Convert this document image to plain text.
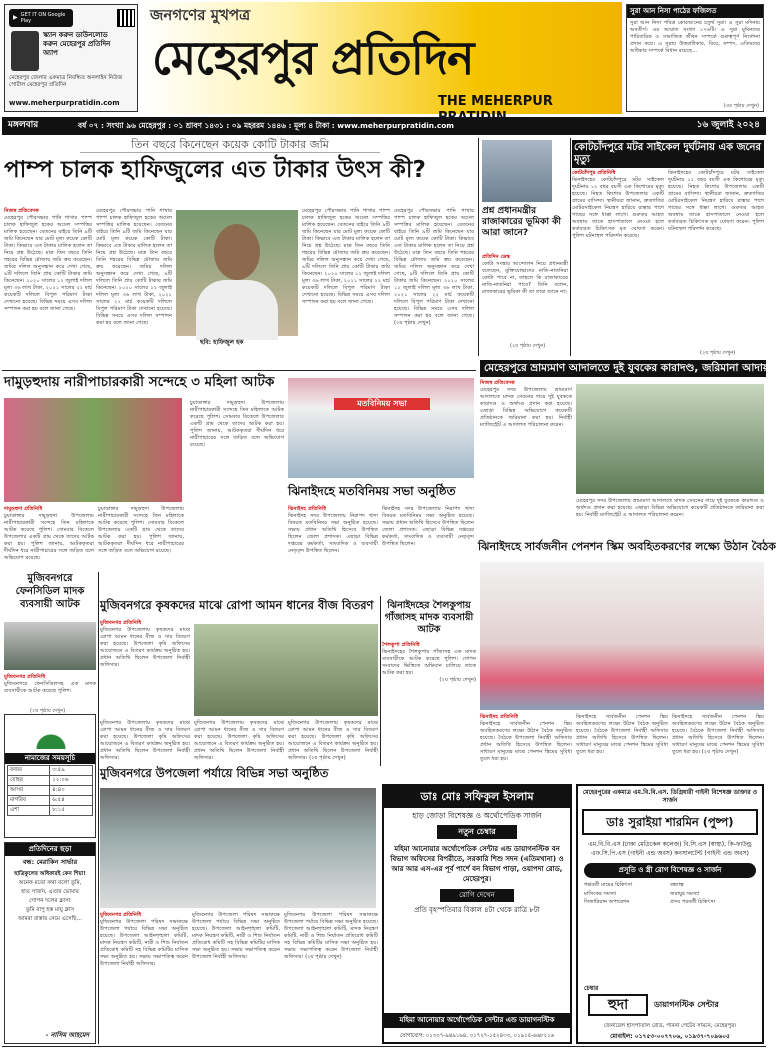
▶ GET IT ON Google Play
স্ক্যান করুন ডাউনলোড করুন মেহেরপুর প্রতিদিন অ্যাপ
মেহেরপুর জেলার একমাত্র নিবন্ধিত অনলাইন নিউজ পোর্টাল মেহেরপুর প্রতিদিন
www.meherpurpratidin.com
জনগণের মুখপত্র
মেহেরপুর প্রতিদিন
THE MEHERPUR
সুরা আন নিসা পাঠের ফজিলত
সুরা আন নিসা পবিত্র কোরআনের চতুর্থ সুরা। এ সুরা মদিনায় অবতীর্ণ। এর আয়াত সংখ্যা ১৭৬টি। এ সুরা মুমিনদের পারিবারিক ও সামাজিক জীবন সম্পর্কে গুরুত্বপূর্ণ নির্দেশনা প্রদান করে। এ সুরায় উত্তরাধিকার, বিয়ে, সম্পদ, এতিমদের অধিকার সম্পর্কে বিধান রয়েছে...
(এর পৃষ্ঠায় দেখুন)
মঙ্গলবার	বর্ষ ০৭ : সংখ্যা ৯৬ মেহেরপুর : ০১ শ্রাবণ ১৪৩১ : ০৯ মহররম ১৪৪৬ : মূল্য ৪ টাকা : www.meherpurpratidin.com	১৬ জুলাই ২০২৪
তিন বছরে কিনেছেন কয়েক কোটি টাকার জমি
পাম্প চালক হাফিজুলের এত টাকার উৎস কী?
নিজস্ব প্রতিবেদক
মেহেরপুর পৌরসভার পানি শাখার পাম্প চালক হাফিজুল হকের অঢেল সম্পত্তির মালিক হয়েছেন। বেতনের বাইরে তিনি ৯টি জমি কিনেছেন যার মোট মূল্য কয়েক কোটি টাকা। কিভাবে এত টাকার মালিক হলেন তা নিয়ে প্রশ্ন উঠেছে। মাত্র তিন বছরে তিনি শহরের বিভিন্ন মৌজায় জমি ক্রয় করেছেন। জমির দলিল অনুসন্ধান করে দেখা গেছে, ৯টি দলিলে তিনি প্রায় কোটি টাকার জমি কিনেছেন। ২০২০ সালের ১২ জুলাই দলিল মূল্য ৩৬ লাখ টাকা, ২০২১ সালের ২২ মার্চ কয়েকটি দলিলে বিপুল পরিমাণ টাকা দেখানো হয়েছে। বিভিন্ন সময়ে এসব দলিল সম্পাদন করা হয় বলে জানা গেছে।
মেহেরপুর পৌরসভার পানি শাখার পাম্প চালক হাফিজুল হকের অঢেল সম্পত্তির মালিক হয়েছেন। বেতনের বাইরে তিনি ৯টি জমি কিনেছেন যার মোট মূল্য কয়েক কোটি টাকা। কিভাবে এত টাকার মালিক হলেন তা নিয়ে প্রশ্ন উঠেছে। মাত্র তিন বছরে তিনি শহরের বিভিন্ন মৌজায় জমি ক্রয় করেছেন। জমির দলিল অনুসন্ধান করে দেখা গেছে, ৯টি দলিলে তিনি প্রায় কোটি টাকার জমি কিনেছেন। ২০২০ সালের ১২ জুলাই দলিল মূল্য ৩৬ লাখ টাকা, ২০২১ সালের ২২ মার্চ কয়েকটি দলিলে বিপুল পরিমাণ টাকা দেখানো হয়েছে। বিভিন্ন সময়ে এসব দলিল সম্পাদন করা হয় বলে জানা গেছে।
ছবি: হাফিজুল হক
মেহেরপুর পৌরসভার পানি শাখার পাম্প চালক হাফিজুল হকের অঢেল সম্পত্তির মালিক হয়েছেন। বেতনের বাইরে তিনি ৯টি জমি কিনেছেন যার মোট মূল্য কয়েক কোটি টাকা। কিভাবে এত টাকার মালিক হলেন তা নিয়ে প্রশ্ন উঠেছে। মাত্র তিন বছরে তিনি শহরের বিভিন্ন মৌজায় জমি ক্রয় করেছেন। জমির দলিল অনুসন্ধান করে দেখা গেছে, ৯টি দলিলে তিনি প্রায় কোটি টাকার জমি কিনেছেন। ২০২০ সালের ১২ জুলাই দলিল মূল্য ৩৬ লাখ টাকা, ২০২১ সালের ২২ মার্চ কয়েকটি দলিলে বিপুল পরিমাণ টাকা দেখানো হয়েছে। বিভিন্ন সময়ে এসব দলিল সম্পাদন করা হয় বলে জানা গেছে।
মেহেরপুর পৌরসভার পানি শাখার পাম্প চালক হাফিজুল হকের অঢেল সম্পত্তির মালিক হয়েছেন। বেতনের বাইরে তিনি ৯টি জমি কিনেছেন যার মোট মূল্য কয়েক কোটি টাকা। কিভাবে এত টাকার মালিক হলেন তা নিয়ে প্রশ্ন উঠেছে। মাত্র তিন বছরে তিনি শহরের বিভিন্ন মৌজায় জমি ক্রয় করেছেন। জমির দলিল অনুসন্ধান করে দেখা গেছে, ৯টি দলিলে তিনি প্রায় কোটি টাকার জমি কিনেছেন। ২০২০ সালের ১২ জুলাই দলিল মূল্য ৩৬ লাখ টাকা, ২০২১ সালের ২২ মার্চ কয়েকটি দলিলে বিপুল পরিমাণ টাকা দেখানো হয়েছে। বিভিন্ন সময়ে এসব দলিল সম্পাদন করা হয় বলে জানা গেছে। (২য় পৃষ্ঠায় দেখুন)
প্রশ্ন প্রধানমন্ত্রীর রাজাকারের ভূমিকা কী আরা জানে?
প্রতিদিন ডেস্ক
কোটা সংস্কার আন্দোলন নিয়ে প্রধানমন্ত্রী বলেছেন, মুক্তিযোদ্ধাদের নাতি-নাতনিরা কোটা পাবে না, তাহলে কি রাজাকারের নাতি-নাতনিরা পাবে? তিনি বলেন, রাজাকারের ভূমিকা কী তা তারা জানে না।
(২য় পৃষ্ঠায় দেখুন)
কোটচাঁদপুরে মটর সাইকেল দুর্ঘটনায় এক জনের মৃত্যু
কোটচাঁদপুর প্রতিনিধি
ঝিনাইদহের কোটচাঁদপুরে মটর সাইকেল দুর্ঘটনায় ১২ বছর বয়সী এক কিশোরের মৃত্যু হয়েছে। নিহত কিশোর উপজেলার একটি গ্রামের বাসিন্দা। স্থানীয়রা জানান, দ্রুতগতির মোটরসাইকেল নিয়ন্ত্রণ হারিয়ে রাস্তার পাশে গাছের সঙ্গে ধাক্কা লাগে। গুরুতর আহত অবস্থায় তাকে হাসপাতালে নেওয়া হলে কর্তব্যরত চিকিৎসক মৃত ঘোষণা করেন। পুলিশ ঘটনাস্থল পরিদর্শন করেছে।
ঝিনাইদহের কোটচাঁদপুরে মটর সাইকেল দুর্ঘটনায় ১২ বছর বয়সী এক কিশোরের মৃত্যু হয়েছে। নিহত কিশোর উপজেলার একটি গ্রামের বাসিন্দা। স্থানীয়রা জানান, দ্রুতগতির মোটরসাইকেল নিয়ন্ত্রণ হারিয়ে রাস্তার পাশে গাছের সঙ্গে ধাক্কা লাগে। গুরুতর আহত অবস্থায় তাকে হাসপাতালে নেওয়া হলে কর্তব্যরত চিকিৎসক মৃত ঘোষণা করেন। পুলিশ ঘটনাস্থল পরিদর্শন করেছে।
(২য় পৃষ্ঠায় দেখুন)
মেহেরপুরে ভ্রাম্যমাণ আদালতে দুই যুবকের কারাদণ্ড, জরিমানা আদায়
নিজস্ব প্রতিবেদক
মেহেরপুর সদর উপজেলায় ভ্রাম্যমাণ আদালতে মাদক সেবনের দায়ে দুই যুবককে কারাদণ্ড ও অর্থদণ্ড প্রদান করা হয়েছে। এছাড়া বিভিন্ন অভিযোগে কয়েকটি প্রতিষ্ঠানকে জরিমানা করা হয়। নির্বাহী ম্যাজিস্ট্রেট এ আদালত পরিচালনা করেন।
মেহেরপুর সদর উপজেলায় ভ্রাম্যমাণ আদালতে মাদক সেবনের দায়ে দুই যুবককে কারাদণ্ড ও অর্থদণ্ড প্রদান করা হয়েছে। এছাড়া বিভিন্ন অভিযোগে কয়েকটি প্রতিষ্ঠানকে জরিমানা করা হয়। নির্বাহী ম্যাজিস্ট্রেট এ আদালত পরিচালনা করেন।
দামুড়হুদায় নারীপাচারকারী সন্দেহে ৩ মহিলা আটক
দামুড়হুদা প্রতিনিধি
চুয়াডাঙ্গার দামুড়হুদা উপজেলায় নারীপাচারকারী সন্দেহে তিন মহিলাকে আটক করেছে পুলিশ। সোমবার বিকেলে উপজেলার একটি গ্রাম থেকে তাদের আটক করা হয়। পুলিশ জানায়, আটককৃতরা দীর্ঘদিন ধরে নারীপাচারের সঙ্গে জড়িত বলে অভিযোগ রয়েছে।
চুয়াডাঙ্গার দামুড়হুদা উপজেলায় নারীপাচারকারী সন্দেহে তিন মহিলাকে আটক করেছে পুলিশ। সোমবার বিকেলে উপজেলার একটি গ্রাম থেকে তাদের আটক করা হয়। পুলিশ জানায়, আটককৃতরা দীর্ঘদিন ধরে নারীপাচারের সঙ্গে জড়িত বলে অভিযোগ রয়েছে।
চুয়াডাঙ্গার দামুড়হুদা উপজেলায় নারীপাচারকারী সন্দেহে তিন মহিলাকে আটক করেছে পুলিশ। সোমবার বিকেলে উপজেলার একটি গ্রাম থেকে তাদের আটক করা হয়। পুলিশ জানায়, আটককৃতরা দীর্ঘদিন ধরে নারীপাচারের সঙ্গে জড়িত বলে অভিযোগ রয়েছে।
মতবিনিময় সভা
ঝিনাইদহে মতবিনিময় সভা অনুষ্ঠিত
ঝিনাইদহ প্রতিনিধি
ঝিনাইদহ সদর উপজেলায় নিরাপদ খাদ্য বিষয়ক মতবিনিময় সভা অনুষ্ঠিত হয়েছে। সভায় প্রধান অতিথি হিসেবে উপস্থিত ছিলেন জেলা প্রশাসক। এছাড়া বিভিন্ন দপ্তরের কর্মকর্তা, সাংবাদিক ও ব্যবসায়ী নেতৃবৃন্দ উপস্থিত ছিলেন।
ঝিনাইদহ সদর উপজেলায় নিরাপদ খাদ্য বিষয়ক মতবিনিময় সভা অনুষ্ঠিত হয়েছে। সভায় প্রধান অতিথি হিসেবে উপস্থিত ছিলেন জেলা প্রশাসক। এছাড়া বিভিন্ন দপ্তরের কর্মকর্তা, সাংবাদিক ও ব্যবসায়ী নেতৃবৃন্দ উপস্থিত ছিলেন।	ঝিনাইদহে সার্বজনীন পেনশন স্কিম অবহিতকরণের লক্ষ্যে উঠান বৈঠক
ঝিনাইদহ প্রতিনিধি
ঝিনাইদহে সার্বজনীন পেনশন স্কিম অবহিতকরণের লক্ষ্যে উঠান বৈঠক অনুষ্ঠিত হয়েছে। বৈঠকে উপজেলা নির্বাহী অফিসার প্রধান অতিথি হিসেবে উপস্থিত ছিলেন। সাধারণ মানুষের মাঝে পেনশন স্কিমের সুবিধা তুলে ধরা হয়।
ঝিনাইদহে সার্বজনীন পেনশন স্কিম অবহিতকরণের লক্ষ্যে উঠান বৈঠক অনুষ্ঠিত হয়েছে। বৈঠকে উপজেলা নির্বাহী অফিসার প্রধান অতিথি হিসেবে উপস্থিত ছিলেন। সাধারণ মানুষের মাঝে পেনশন স্কিমের সুবিধা তুলে ধরা হয়।
ঝিনাইদহে সার্বজনীন পেনশন স্কিম অবহিতকরণের লক্ষ্যে উঠান বৈঠক অনুষ্ঠিত হয়েছে। বৈঠকে উপজেলা নির্বাহী অফিসার প্রধান অতিথি হিসেবে উপস্থিত ছিলেন। সাধারণ মানুষের মাঝে পেনশন স্কিমের সুবিধা তুলে ধরা হয়। (২য় পৃষ্ঠায় দেখুন)
মুজিবনগরে ফেনসিডিল মাদক ব্যবসায়ী আটক
মুজিবনগর প্রতিনিধি
মুজিবনগরে ফেনসিডিলসহ এক মাদক ব্যবসায়ীকে আটক করেছে পুলিশ।
(২য় পৃষ্ঠায় দেখুন)
মুজিবনগরে কৃষকদের মাঝে রোপা আমন ধানের বীজ বিতরণ
মুজিবনগর প্রতিনিধি
মুজিবনগর উপজেলায় কৃষকদের মাঝে রোপা আমন ধানের বীজ ও সার বিতরণ করা হয়েছে। উপজেলা কৃষি অফিসের আয়োজনে এ বিতরণ কার্যক্রম অনুষ্ঠিত হয়। প্রধান অতিথি ছিলেন উপজেলা নির্বাহী অফিসার।
মুজিবনগর উপজেলায় কৃষকদের মাঝে রোপা আমন ধানের বীজ ও সার বিতরণ করা হয়েছে। উপজেলা কৃষি অফিসের আয়োজনে এ বিতরণ কার্যক্রম অনুষ্ঠিত হয়। প্রধান অতিথি ছিলেন উপজেলা নির্বাহী অফিসার।
মুজিবনগর উপজেলায় কৃষকদের মাঝে রোপা আমন ধানের বীজ ও সার বিতরণ করা হয়েছে। উপজেলা কৃষি অফিসের আয়োজনে এ বিতরণ কার্যক্রম অনুষ্ঠিত হয়। প্রধান অতিথি ছিলেন উপজেলা নির্বাহী অফিসার।
মুজিবনগর উপজেলায় কৃষকদের মাঝে রোপা আমন ধানের বীজ ও সার বিতরণ করা হয়েছে। উপজেলা কৃষি অফিসের আয়োজনে এ বিতরণ কার্যক্রম অনুষ্ঠিত হয়। প্রধান অতিথি ছিলেন উপজেলা নির্বাহী অফিসার। (২য় পৃষ্ঠায় দেখুন)
ঝিনাইদহের শৈলকুপায় গাঁজাসহ মাদক ব্যবসায়ী আটক
শৈলকুপা প্রতিনিধি
ঝিনাইদহের শৈলকুপায় গাঁজাসহ এক মাদক ব্যবসায়ীকে আটক করেছে পুলিশ। গোপন সংবাদের ভিত্তিতে অভিযান চালিয়ে তাকে আটক করা হয়।
(২য় পৃষ্ঠায় দেখুন)
নামাজের সময়সূচি
ফজর	৩:৫৯
যোহর	১২:০৬
আসর	৪:৪০
মাগরিব	৬:৫৪
এশা	৮:১৫
মুজিবনগরে উপজেলা পর্যায়ে বিভিন্ন সভা অনুষ্ঠিত
মুজিবনগর প্রতিনিধি
মুজিবনগর উপজেলা পরিষদ সভাকক্ষে উপজেলা পর্যায়ে বিভিন্ন সভা অনুষ্ঠিত হয়েছে। উপজেলা আইনশৃঙ্খলা কমিটি, মাদক নিয়ন্ত্রণ কমিটি, নারী ও শিশু নির্যাতন প্রতিরোধ কমিটি সহ বিভিন্ন কমিটির মাসিক সভা অনুষ্ঠিত হয়। সভায় সভাপতিত্ব করেন উপজেলা নির্বাহী অফিসার।
মুজিবনগর উপজেলা পরিষদ সভাকক্ষে উপজেলা পর্যায়ে বিভিন্ন সভা অনুষ্ঠিত হয়েছে। উপজেলা আইনশৃঙ্খলা কমিটি, মাদক নিয়ন্ত্রণ কমিটি, নারী ও শিশু নির্যাতন প্রতিরোধ কমিটি সহ বিভিন্ন কমিটির মাসিক সভা অনুষ্ঠিত হয়। সভায় সভাপতিত্ব করেন উপজেলা নির্বাহী অফিসার।
মুজিবনগর উপজেলা পরিষদ সভাকক্ষে উপজেলা পর্যায়ে বিভিন্ন সভা অনুষ্ঠিত হয়েছে। উপজেলা আইনশৃঙ্খলা কমিটি, মাদক নিয়ন্ত্রণ কমিটি, নারী ও শিশু নির্যাতন প্রতিরোধ কমিটি সহ বিভিন্ন কমিটির মাসিক সভা অনুষ্ঠিত হয়। সভায় সভাপতিত্ব করেন উপজেলা নির্বাহী অফিসার। (২য় পৃষ্ঠায় দেখুন)
প্রতিদিনের ছড়া
বন্ধ: মেরাকিন সার্ভার
ছাত্রিকুলের অধিকারই কেন শিয়া!
অনেক মতো কথা বলো তুমি,
হাত সার্জন, এতার ভোমার
গোপন দলের ক্লাস!
তুমি বাপু হস্ত মায়ু ক্লাস
আমরা রাস্তায় নেমে এসেছি...
- নাসিম আহমেদ
ডাঃ মোঃ সফিকুল ইসলাম
হাড় জোড়া বিশেষজ্ঞ ও অর্থোপেডিক সার্জন
নতুন চেম্বার
মহিমা আনোয়ার অর্থোপেডিক সেন্টার এন্ড ডায়াগনস্টিক বন বিভাগ অফিসের বিপরীতে, সরকারি শিশু সদন (এতিমখানা) ও আর আর এস-এর পূর্ব পার্শে বন বিভাগ পাড়া, ওয়াপদা রোড, মেহেরপুর।
রোগি দেখেন
প্রতি বৃহস্পতিবার বিকাল ৪টা থেকে রাত্রি ৮টা
মহিমা আনোয়ার অর্থোপেডিক সেন্টার এন্ড ডায়াগনস্টিক
যোগাযোগ: ০১৩০৭-৯৪৯১৬৪, ০১৭২৭-১৫২৪৩৩, ০১৯১৫-৬৬৮২১৬
মেহেরপুরের একমাত্র এম.বি.বি.এস. ডিগ্রিধারী গাইনী বিশেষজ্ঞ ডাক্তার ও সার্জন
ডাঃ সুরাইয়া শারমিন (পুষ্প)
এম.বি.বি.এস (ঢাকা মেডিকেল কলেজ) বি.সি.এস (স্বাস্থ্য), কি-ফাউন্ড্র এফ.সি.পি.এস (গাইনী এন্ড অবস) কনসালটেন্ট (গাইনী এন্ড অবস)
প্রসূতি ও স্ত্রী রোগ বিশেষজ্ঞ ও সার্জন
গর্ভবতী মায়ের চিকিৎসা	বন্ধ্যাত্ব
মাসিকের সমস্যা	জরায়ুর সমস্যা
সিজারিয়ান অপারেশন	প্রসব পরবর্তী চিকিৎসা
চেম্বার
হুদা	ডায়াগনস্টিক সেন্টার
জেনারেল হাসপাতাল রোড, পাবনা গেটের সামনে, মেহেরপুর।
মোবাইল: ০১৭৫৩-০০৭৭০৬, ০১৯৩৭-৭০৯৬০৫
